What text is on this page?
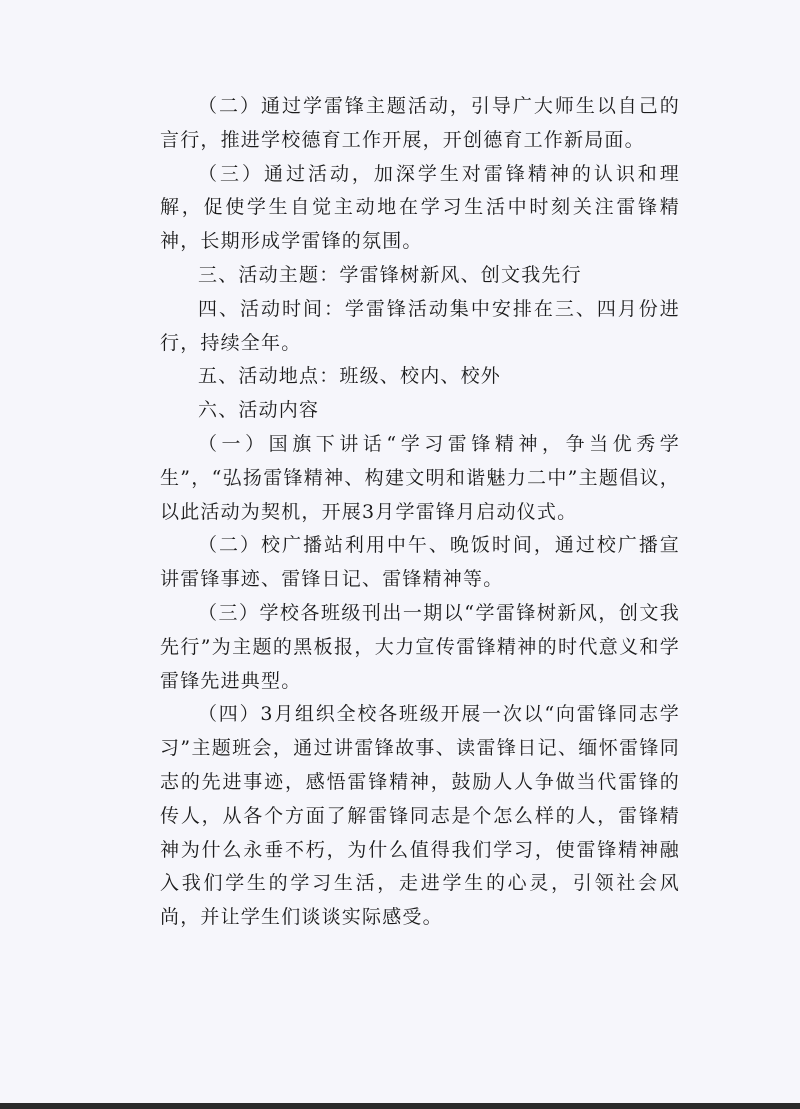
（二）通过学雷锋主题活动，引导广大师生以自己的言行，推进学校德育工作开展，开创德育工作新局面。

（三）通过活动，加深学生对雷锋精神的认识和理解，促使学生自觉主动地在学习生活中时刻关注雷锋精神，长期形成学雷锋的氛围。

三、活动主题：学雷锋树新风、创文我先行

四、活动时间：学雷锋活动集中安排在三、四月份进行，持续全年。

五、活动地点：班级、校内、校外

六、活动内容

（一）国旗下讲话“学习雷锋精神，争当优秀学生”，“弘扬雷锋精神、构建文明和谐魅力二中”主题倡议，以此活动为契机，开展3月学雷锋月启动仪式。

（二）校广播站利用中午、晚饭时间，通过校广播宣讲雷锋事迹、雷锋日记、雷锋精神等。

（三）学校各班级刊出一期以“学雷锋树新风，创文我先行”为主题的黑板报，大力宣传雷锋精神的时代意义和学雷锋先进典型。

（四）3月组织全校各班级开展一次以“向雷锋同志学习”主题班会，通过讲雷锋故事、读雷锋日记、缅怀雷锋同志的先进事迹，感悟雷锋精神，鼓励人人争做当代雷锋的传人，从各个方面了解雷锋同志是个怎么样的人，雷锋精神为什么永垂不朽，为什么值得我们学习，使雷锋精神融入我们学生的学习生活，走进学生的心灵，引领社会风尚，并让学生们谈谈实际感受。
